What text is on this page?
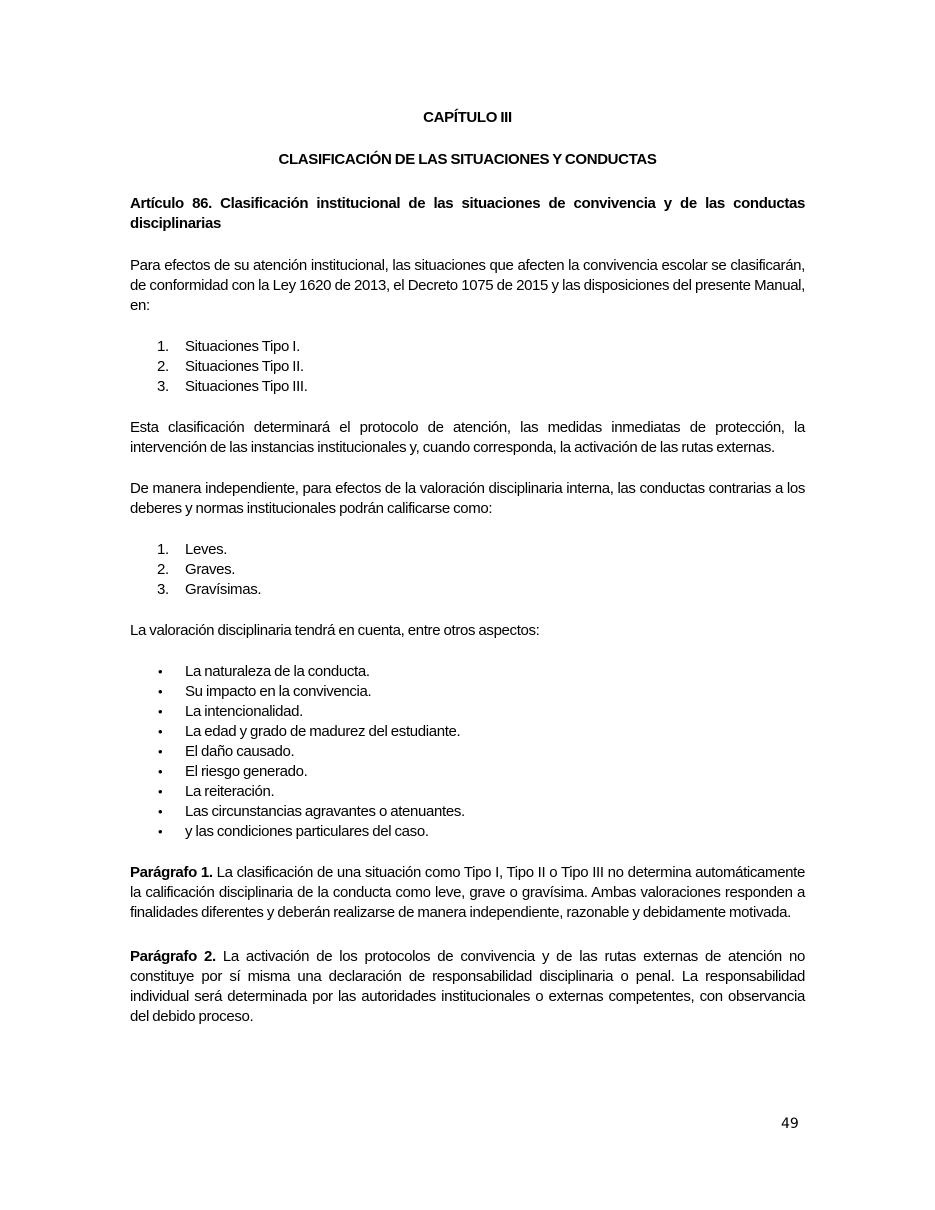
CAPÍTULO III

CLASIFICACIÓN DE LAS SITUACIONES Y CONDUCTAS

Artículo 86. Clasificación institucional de las situaciones de convivencia y de las conductas disciplinarias

Para efectos de su atención institucional, las situaciones que afecten la convivencia escolar se clasificarán, de conformidad con la Ley 1620 de 2013, el Decreto 1075 de 2015 y las disposiciones del presente Manual, en:

1. Situaciones Tipo I.
2. Situaciones Tipo II.
3. Situaciones Tipo III.

Esta clasificación determinará el protocolo de atención, las medidas inmediatas de protección, la intervención de las instancias institucionales y, cuando corresponda, la activación de las rutas externas.

De manera independiente, para efectos de la valoración disciplinaria interna, las conductas contrarias a los deberes y normas institucionales podrán calificarse como:

1. Leves.
2. Graves.
3. Gravísimas.

La valoración disciplinaria tendrá en cuenta, entre otros aspectos:

•	La naturaleza de la conducta.
•	Su impacto en la convivencia.
•	La intencionalidad.
•	La edad y grado de madurez del estudiante.
•	El daño causado.
•	El riesgo generado.
•	La reiteración.
•	Las circunstancias agravantes o atenuantes.
•	y las condiciones particulares del caso.

Parágrafo 1. La clasificación de una situación como Tipo I, Tipo II o Tipo III no determina automáticamente la calificación disciplinaria de la conducta como leve, grave o gravísima. Ambas valoraciones responden a finalidades diferentes y deberán realizarse de manera independiente, razonable y debidamente motivada.

Parágrafo 2. La activación de los protocolos de convivencia y de las rutas externas de atención no constituye por sí misma una declaración de responsabilidad disciplinaria o penal. La responsabilidad individual será determinada por las autoridades institucionales o externas competentes, con observancia del debido proceso.

49
